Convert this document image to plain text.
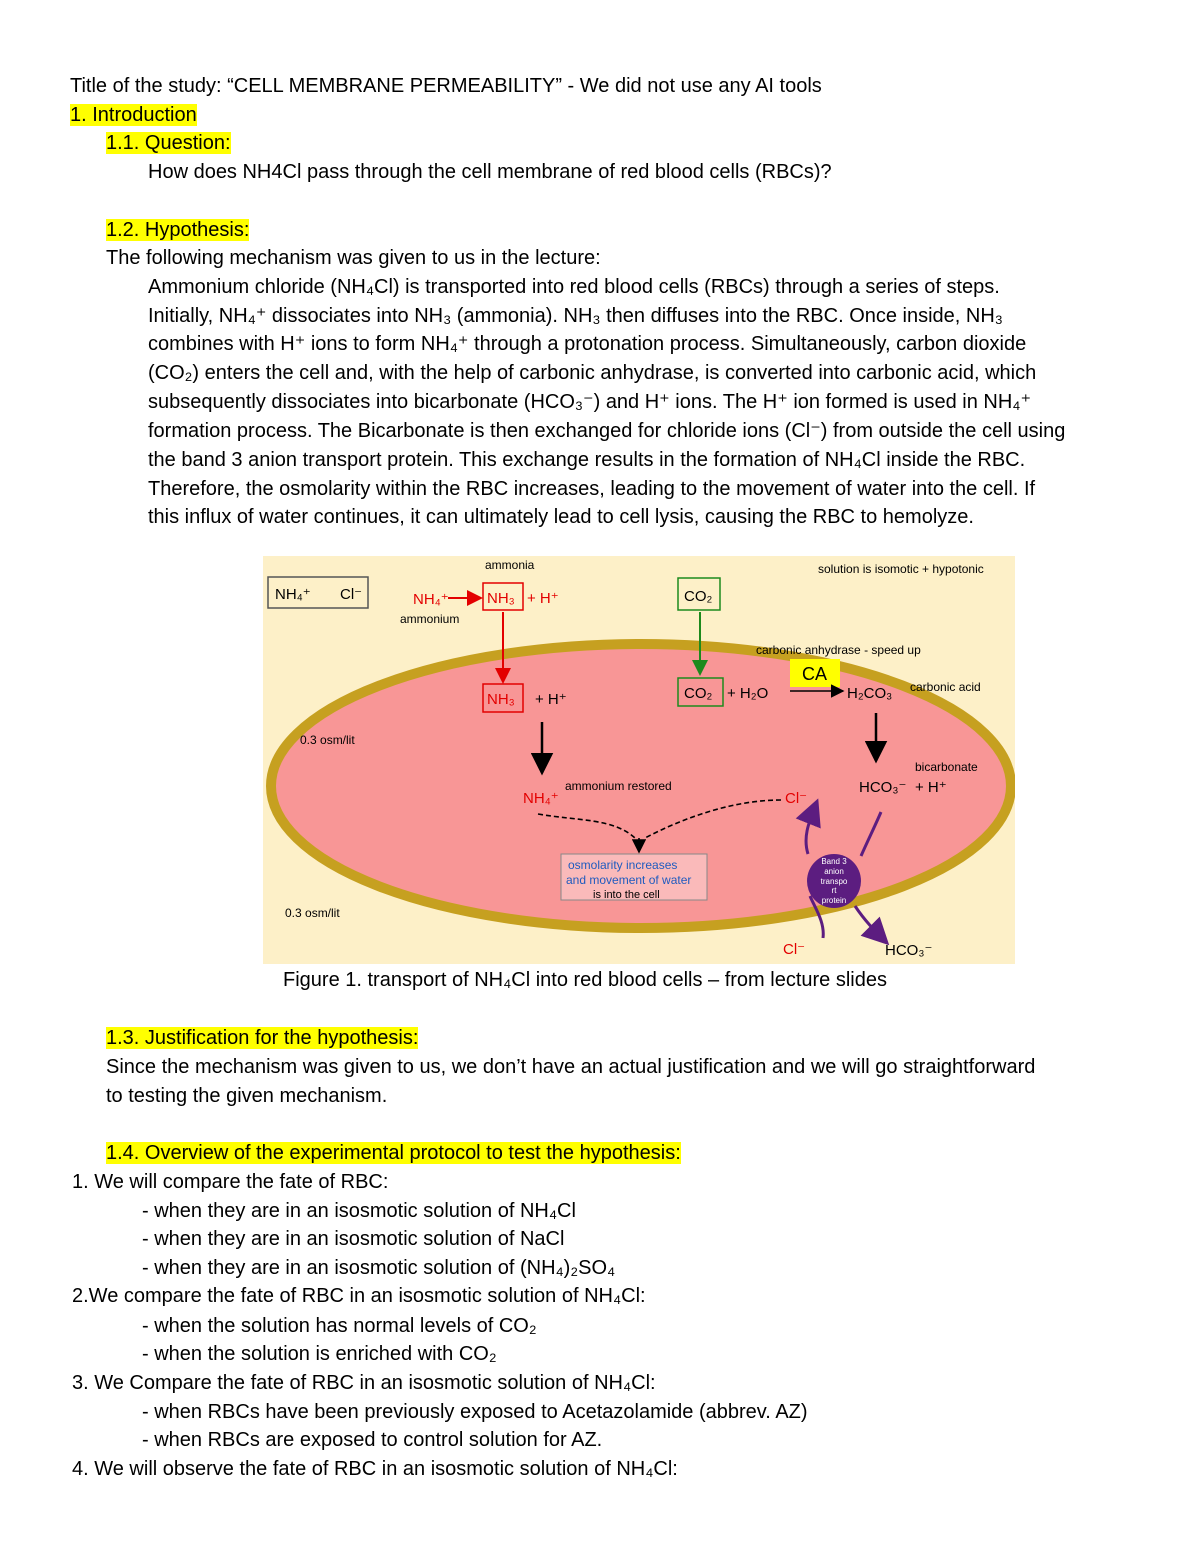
Title of the study: “CELL MEMBRANE PERMEABILITY” - We did not use any AI tools
1. Introduction
1.1. Question:
How does NH4Cl pass through the cell membrane of red blood cells (RBCs)?
1.2. Hypothesis:
The following mechanism was given to us in the lecture:
Ammonium chloride (NH₄Cl) is transported into red blood cells (RBCs) through a series of steps.
Initially, NH₄⁺ dissociates into NH₃ (ammonia). NH₃ then diffuses into the RBC. Once inside, NH₃
combines with H⁺ ions to form NH₄⁺ through a protonation process. Simultaneously, carbon dioxide
(CO₂) enters the cell and, with the help of carbonic anhydrase, is converted into carbonic acid, which
subsequently dissociates into bicarbonate (HCO₃⁻) and H⁺ ions. The H⁺ ion formed is used in NH₄⁺
formation process. The Bicarbonate is then exchanged for chloride ions (Cl⁻) from outside the cell using
the band 3 anion transport protein. This exchange results in the formation of NH₄Cl inside the RBC.
Therefore, the osmolarity within the RBC increases, leading to the movement of water into the cell. If
this influx of water continues, it can ultimately lead to cell lysis, causing the RBC to hemolyze.
NH₄⁺ Cl⁻
ammonia
NH₄⁺	NH₃ + H⁺
ammonium
CO₂
solution is isomotic + hypotonic
carbonic anhydrase - speed up
CA
NH₃ + H⁺	CO₂ + H₂O	H₂CO₃ carbonic acid
0.3 osm/lit
0.3 osm/lit
bicarbonate
HCO₃⁻ + H⁺
ammonium restored
NH₄⁺	Cl⁻
osmolarity increases
and movement of water
is into the cell
Band 3
anion
transpo
rt
protein
Cl⁻	HCO₃⁻
Figure 1. transport of NH₄Cl into red blood cells – from lecture slides
1.3. Justification for the hypothesis:
Since the mechanism was given to us, we don’t have an actual justification and we will go straightforward
to testing the given mechanism.
1.4. Overview of the experimental protocol to test the hypothesis:
1. We will compare the fate of RBC:
- when they are in an isosmotic solution of NH₄Cl
- when they are in an isosmotic solution of NaCl
- when they are in an isosmotic solution of (NH₄)₂SO₄
2.We compare the fate of RBC in an isosmotic solution of NH₄Cl:
- when the solution has normal levels of CO₂
- when the solution is enriched with CO₂
3. We Compare the fate of RBC in an isosmotic solution of NH₄Cl:
- when RBCs have been previously exposed to Acetazolamide (abbrev. AZ)
- when RBCs are exposed to control solution for AZ.
4. We will observe the fate of RBC in an isosmotic solution of NH₄Cl:
